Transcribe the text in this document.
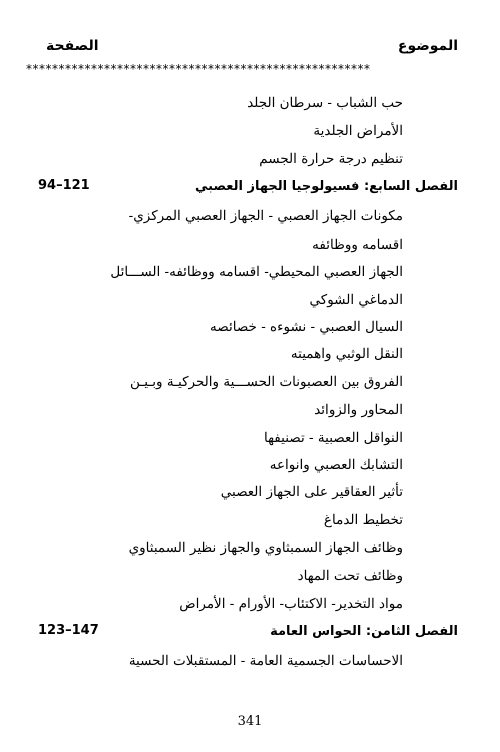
الموضوع
الصفحة
*****************************************************
حب الشباب - سرطان الجلد
الأمراض الجلدية
تنظيم درجة حرارة الجسم
الفصل السابع: فسيولوجيا الجهاز العصبي
94–121
مكونات الجهاز العصبي - الجهاز العصبي المركزي-
اقسامه ووظائفه
الجهاز العصبي المحيطي- اقسامه ووظائفه- الســـائل
الدماغي الشوكي
السيال العصبي - نشوءه - خصائصه
النقل الوثبي واهميته
الفروق بين العصبونات الحســـية والحركيـة وبـيـن
المحاور والزوائد
النواقل العصبية - تصنيفها
التشابك العصبي وانواعه
تأثير العقاقير على الجهاز العصبي
تخطيط الدماغ
وظائف الجهاز السمبثاوي والجهاز نظير السمبثاوي
وظائف تحت المهاد
مواد التخدير- الاكتئاب- الأورام - الأمراض
الفصل الثامن: الحواس العامة
123–147
الاحساسات الجسمية العامة - المستقبلات الحسية
341
